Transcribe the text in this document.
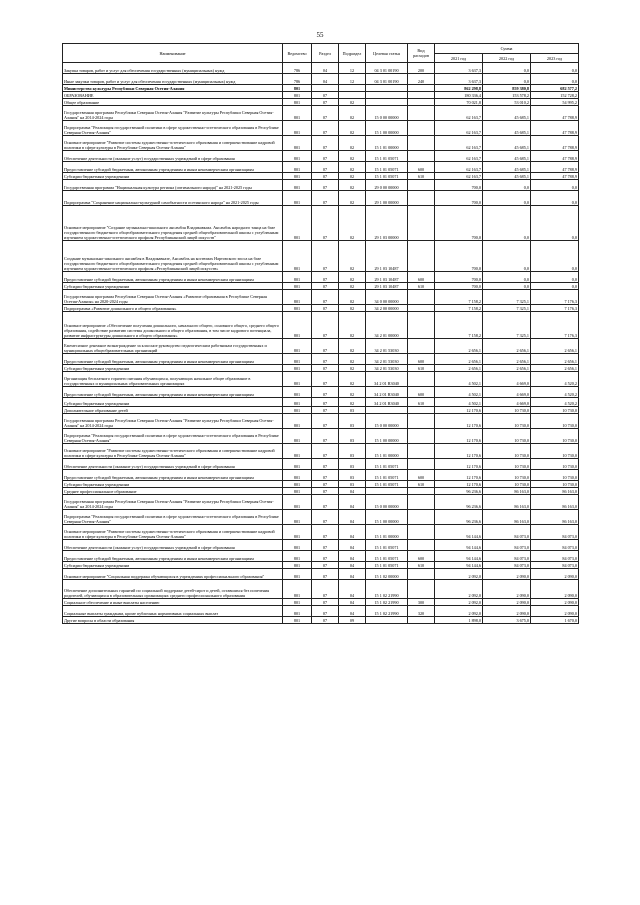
55
Наименование	Ведомство	Раздел	Подраздел	Целевая статья	Вид расходов	Сумма		
						2021 год	2022 год	2023 год
Закупка товаров, работ и услуг для обеспечения государственных (муниципальных) нужд	786	04	12	04 3 01 00190	200	3 637,3	0,0	0,0
Иные закупки товаров, работ и услуг для обеспечения государственных (муниципальных) нужд	786	04	12	04 3 01 00190	240	3 637,3	0,0	0,0
Министерство культуры Республики Северная Осетия-Алания	801					862 298,8	859 380,8	682 577,2
ОБРАЗОВАНИЕ	801	07				180 336,4	153 578,2	152 728,2
Общее образование	801	07	02			70 021,8	53 010,2	54 995,2
Государственная программа Республики Северная Осетия-Алания "Развитие культуры Республики Северная Осетия-Алания" на 2014-2024 годы	801	07	02	15 0 00 00000		62 163,7	45 685,1	47 788,9
Подпрограмма "Реализация государственной политики в сфере художественно-эстетического образования в Республике Северная Осетия-Алания"	801	07	02	15 1 00 00000		62 163,7	45 685,1	47 788,9
Основное мероприятие "Развитие системы художественно-эстетического образования и совершенствование кадровой политики в сфере культуры в Республике Северная Осетия-Алания"	801	07	02	15 1 01 00000		62 163,7	45 685,1	47 788,9
Обеспечение деятельности (оказание услуг) государственных учреждений в сфере образования	801	07	02	15 1 01 05071		62 163,7	45 685,1	47 788,9
Предоставление субсидий бюджетным, автономным учреждениям и иным некоммерческим организациям	801	07	02	15 1 01 05071	600	62 163,7	45 685,1	47 788,9
Субсидии бюджетным учреждениям	801	07	02	15 1 01 05071	610	62 163,7	45 685,1	47 788,9
Государственная программа "Национальная культура региона (оптимального народа)" на 2021-2025 годы	801	07	02	29 0 00 00000		700,0	0,0	0,0
Подпрограмма "Сохранение национально-культурной самобытности осетинского народа" на 2021-2025 годы	801	07	02	29 1 00 00000		700,0	0,0	0,0
Основное мероприятие "Создание музыкально-школьного ансамбля Владикавказа. Ансамбль народного танца на базе государственного бюджетного общеобразовательного учреждения средней общеобразовательной школы с углубленным изучением художественно-эстетического профиля Республиканский лицей искусств"	801	07	02	29 1 03 00000		700,0	0,0	0,0
Создание музыкально-школьного ансамбля в Владикавказе, Ансамбль на костюмах Нартовского эпоса на базе государственного бюджетного общеобразовательного учреждения средней общеобразовательной школы с углубленным изучением художественно-эстетического профиля «Республиканский лицей искусств»	801	07	02	29 1 03 10487		700,0	0,0	0,0
Предоставление субсидий бюджетным, автономным учреждениям и иным некоммерческим организациям	801	07	02	29 1 03 10487	600	700,0	0,0	0,0
Субсидии бюджетным учреждениям	801	07	02	29 1 03 10487	610	700,0	0,0	0,0
Государственная программа Республики Северная Осетия-Алания «Развитие образования в Республике Северная Осетия-Алания» на 2020-2024 годы	801	07	02	34 0 00 00000		7 158,2	7 325,1	7 176,3
Подпрограмма «Развитие дошкольного и общего образования»	801	07	02	34 2 00 00000		7 158,2	7 325,1	7 176,3
Основное мероприятие «Обеспечение получения дошкольного, начального общего, основного общего, среднего общего образования, содействие развитию системы дошкольного и общего образования, в том числе кадрового потенциала, развитие инфраструктуры дошкольного и общего образования»	801	07	02	34 2 01 00000		7 158,2	7 325,1	7 176,3
Ежемесячное денежное вознаграждение за классное руководство педагогическим работникам государственных и муниципальных общеобразовательных организаций	801	07	02	34 2 01 53030		2 656,1	2 656,1	2 656,1
Предоставление субсидий бюджетным, автономным учреждениям и иным некоммерческим организациям	801	07	02	34 2 01 53030	600	2 656,1	2 656,1	2 656,1
Субсидии бюджетным учреждениям	801	07	02	34 2 01 53030	610	2 656,1	2 656,1	2 656,1
Организация бесплатного горячего питания обучающихся, получающих начальное общее образование в государственных и муниципальных образовательных организациях	801	07	02	34 2 01 R3040		4 502,1	4 669,0	4 520,2
Предоставление субсидий бюджетным, автономным учреждениям и иным некоммерческим организациям	801	07	02	34 2 01 R3040	600	4 502,1	4 669,0	4 520,2
Субсидии бюджетным учреждениям	801	07	02	34 2 01 R3040	610	4 502,1	4 669,0	4 520,2
Дополнительное образование детей	801	07	03			12 170,6	10 730,0	10 730,0
Государственная программа Республики Северная Осетия-Алания "Развитие культуры Республики Северная Осетия-Алания" на 2014-2024 годы	801	07	03	15 0 00 00000		12 170,6	10 730,0	10 730,0
Подпрограмма "Реализация государственной политики в сфере художественно-эстетического образования в Республике Северная Осетия-Алания"	801	07	03	15 1 00 00000		12 170,6	10 730,0	10 730,0
Основное мероприятие "Развитие системы художественно-эстетического образования и совершенствование кадровой политики в сфере культуры в Республике Северная Осетия-Алания"	801	07	03	15 1 01 00000		12 170,6	10 730,0	10 730,0
Обеспечение деятельности (оказание услуг) государственных учреждений в сфере образования	801	07	03	15 1 01 05071		12 170,6	10 730,0	10 730,0
Предоставление субсидий бюджетным, автономным учреждениям и иным некоммерческим организациям	801	07	03	15 1 01 05071	600	12 170,6	10 730,0	10 730,0
Субсидии бюджетным учреждениям	801	07	03	15 1 01 05071	610	12 170,6	10 730,0	10 730,0
Среднее профессиональное образование	801	07	04			96 236,6	86 163,0	86 163,0
Государственная программа Республики Северная Осетия-Алания "Развитие культуры Республики Северная Осетия-Алания" на 2014-2024 годы	801	07	04	15 0 00 00000		96 236,6	86 163,0	86 163,0
Подпрограмма "Реализация государственной политики в сфере художественно-эстетического образования в Республике Северная Осетия-Алания"	801	07	04	15 1 00 00000		96 236,6	86 163,0	86 163,0
Основное мероприятие "Развитие системы художественно-эстетического образования и совершенствование кадровой политики в сфере культуры в Республике Северная Осетия-Алания"	801	07	04	15 1 01 00000		94 144,6	84 073,0	84 073,0
Обеспечение деятельности (оказание услуг) государственных учреждений в сфере образования	801	07	04	15 1 01 05071		94 144,6	84 073,0	84 073,0
Предоставление субсидий бюджетным, автономным учреждениям и иным некоммерческим организациям	801	07	04	15 1 01 05071	600	94 144,6	84 073,0	84 073,0
Субсидии бюджетным учреждениям	801	07	04	15 1 01 05071	610	94 144,6	84 073,0	84 073,0
Основное мероприятие "Социальная поддержка обучающихся в учреждениях профессионального образования"	801	07	04	15 1 02 00000		2 092,0	2 090,0	2 090,0
Обеспечение дополнительных гарантий по социальной поддержке детей-сирот и детей, оставшихся без попечения родителей, обучающихся в образовательных организациях среднего профессионального образования	801	07	04	15 1 02 21990		2 092,0	2 090,0	2 090,0
Социальное обеспечение и иные выплаты населению	801	07	04	15 1 02 21990	300	2 092,0	2 090,0	2 090,0
Социальные выплаты гражданам, кроме публичных нормативных социальных выплат	801	07	04	15 1 02 21990	320	2 092,0	2 090,0	2 090,0
Другие вопросы в области образования	801	07	09			1 898,0	3 675,0	1 670,0
